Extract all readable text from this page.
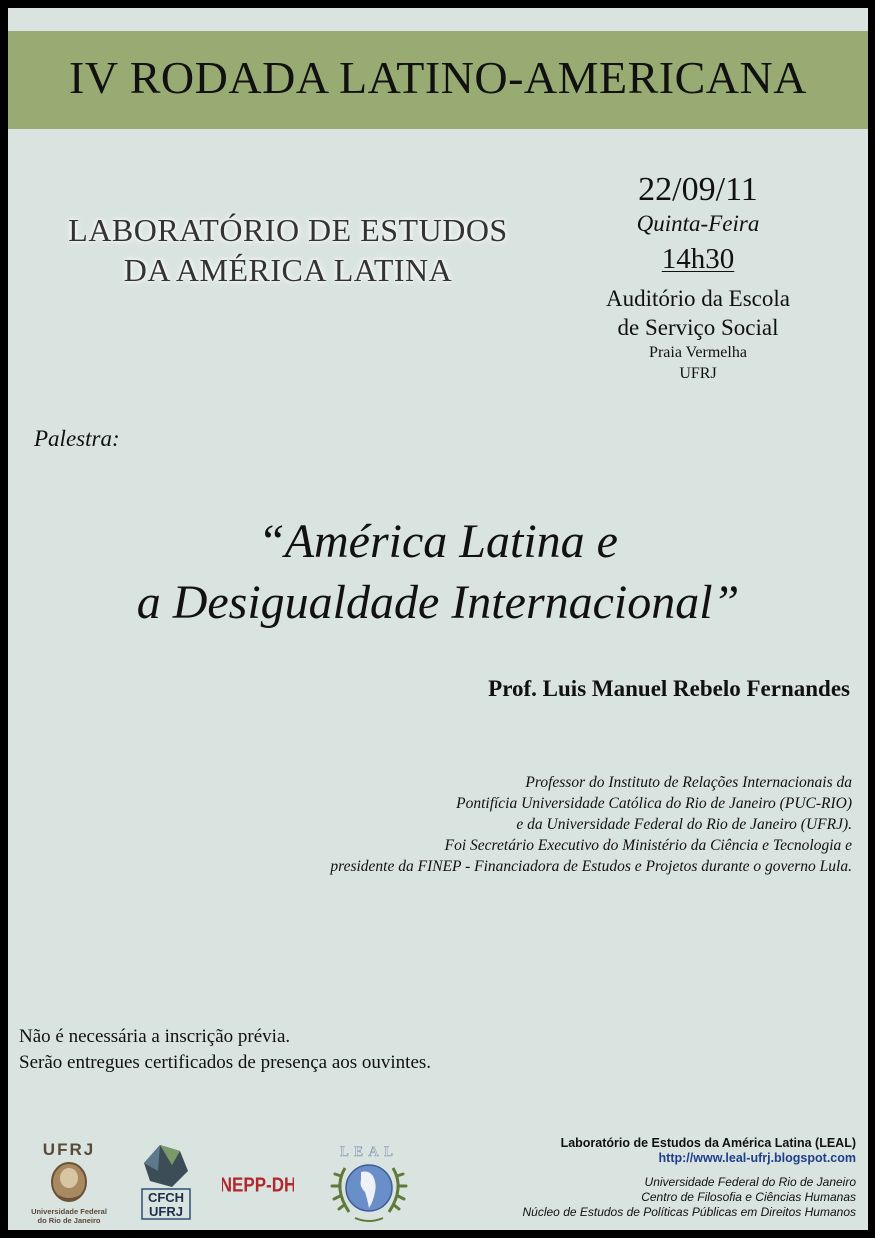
IV RODADA LATINO-AMERICANA
LABORATÓRIO DE ESTUDOS
DA AMÉRICA LATINA
22/09/11
Quinta-Feira
14h30
Auditório da Escola
de Serviço Social
Praia Vermelha
UFRJ
Palestra:
“América Latina e
a Desigualdade Internacional”
Prof. Luis Manuel Rebelo Fernandes
Professor do Instituto de Relações Internacionais da
Pontifícia Universidade Católica do Rio de Janeiro (PUC-RIO)
e da Universidade Federal do Rio de Janeiro (UFRJ).
Foi Secretário Executivo do Ministério da Ciência e Tecnologia e
presidente da FINEP - Financiadora de Estudos e Projetos durante o governo Lula.
Não é necessária a inscrição prévia.
Serão entregues certificados de presença aos ouvintes.
UFRJ
Universidade Federal
do Rio de Janeiro
CFCH
UFRJ
NEPP-DH
LEAL
Laboratório de Estudos da América Latina (LEAL)
http://www.leal-ufrj.blogspot.com
Universidade Federal do Rio de Janeiro
Centro de Filosofia e Ciências Humanas
Núcleo de Estudos de Políticas Públicas em Direitos Humanos
